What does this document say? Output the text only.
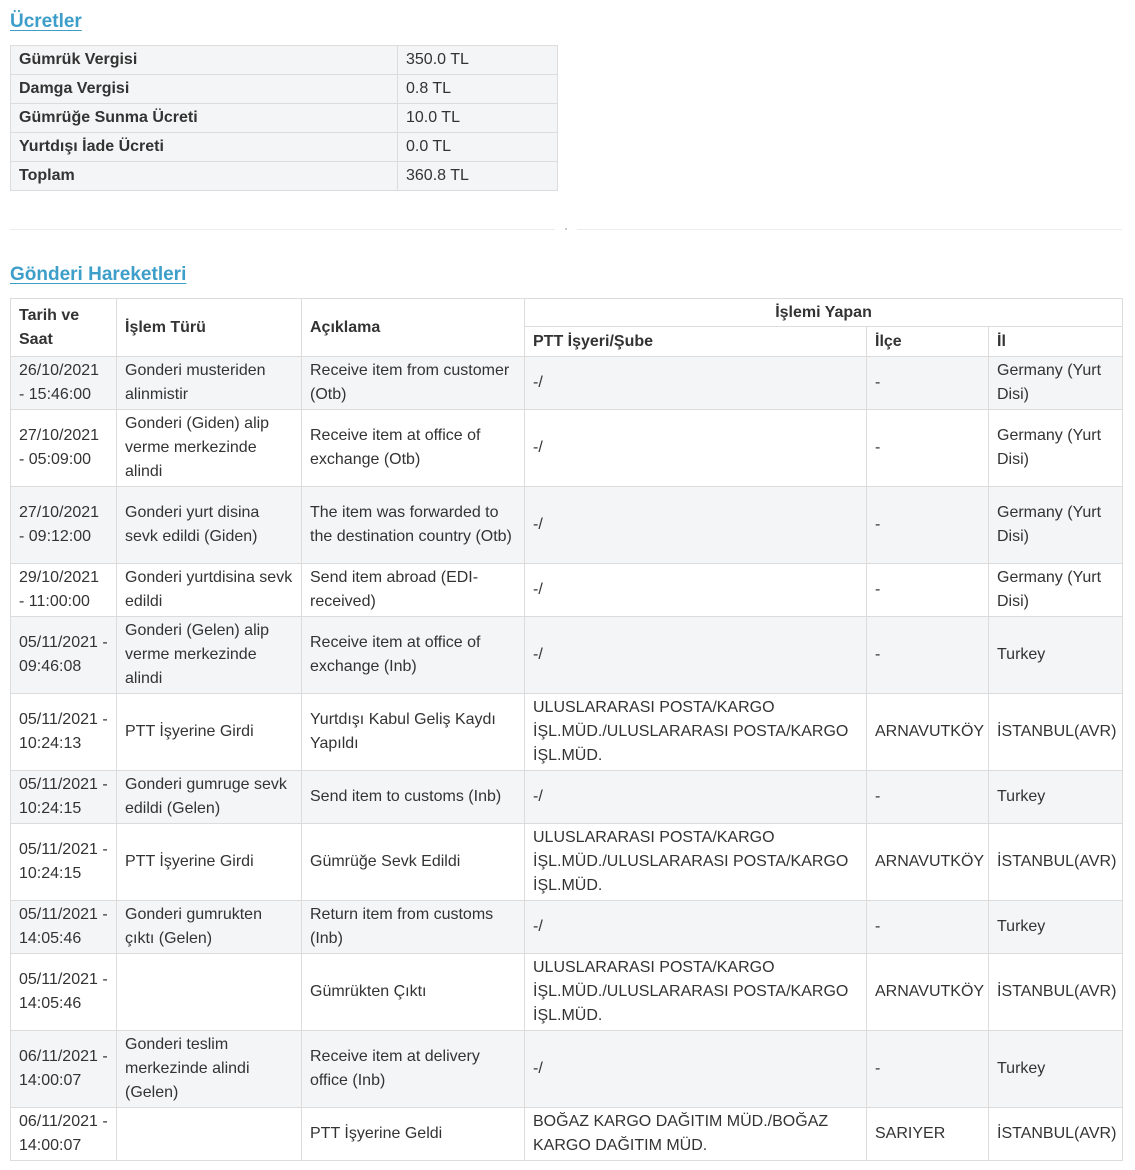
Ücretler
Gümrük Vergisi	350.0 TL
Damga Vergisi	0.8 TL
Gümrüğe Sunma Ücreti	10.0 TL
Yurtdışı İade Ücreti	0.0 TL
Toplam	360.8 TL
Gönderi Hareketleri
Tarih ve Saat	İşlem Türü	Açıklama	İşlemi Yapan		
			PTT İşyeri/Şube	İlçe	İl
26/10/2021 - 15:46:00	Gonderi musteriden alinmistir	Receive item from customer (Otb)	-/	-	Germany (Yurt Disi)
27/10/2021 - 05:09:00	Gonderi (Giden) alip verme merkezinde alindi	Receive item at office of exchange (Otb)	-/	-	Germany (Yurt Disi)
27/10/2021 - 09:12:00	Gonderi yurt disina sevk edildi (Giden)	The item was forwarded to the destination country (Otb)	-/	-	Germany (Yurt Disi)
29/10/2021 - 11:00:00	Gonderi yurtdisina sevk edildi	Send item abroad (EDI-received)	-/	-	Germany (Yurt Disi)
05/11/2021 - 09:46:08	Gonderi (Gelen) alip verme merkezinde alindi	Receive item at office of exchange (Inb)	-/	-	Turkey
05/11/2021 - 10:24:13	PTT İşyerine Girdi	Yurtdışı Kabul Geliş Kaydı Yapıldı	ULUSLARARASI POSTA/KARGO İŞL.MÜD./ULUSLARARASI POSTA/KARGO İŞL.MÜD.	ARNAVUTKÖY	İSTANBUL(AVR)
05/11/2021 - 10:24:15	Gonderi gumruge sevk edildi (Gelen)	Send item to customs (Inb)	-/	-	Turkey
05/11/2021 - 10:24:15	PTT İşyerine Girdi	Gümrüğe Sevk Edildi	ULUSLARARASI POSTA/KARGO İŞL.MÜD./ULUSLARARASI POSTA/KARGO İŞL.MÜD.	ARNAVUTKÖY	İSTANBUL(AVR)
05/11/2021 - 14:05:46	Gonderi gumrukten çıktı (Gelen)	Return item from customs (Inb)	-/	-	Turkey
05/11/2021 - 14:05:46		Gümrükten Çıktı	ULUSLARARASI POSTA/KARGO İŞL.MÜD./ULUSLARARASI POSTA/KARGO İŞL.MÜD.	ARNAVUTKÖY	İSTANBUL(AVR)
06/11/2021 - 14:00:07	Gonderi teslim merkezinde alindi (Gelen)	Receive item at delivery office (Inb)	-/	-	Turkey
06/11/2021 - 14:00:07		PTT İşyerine Geldi	BOĞAZ KARGO DAĞITIM MÜD./BOĞAZ KARGO DAĞITIM MÜD.	SARIYER	İSTANBUL(AVR)
